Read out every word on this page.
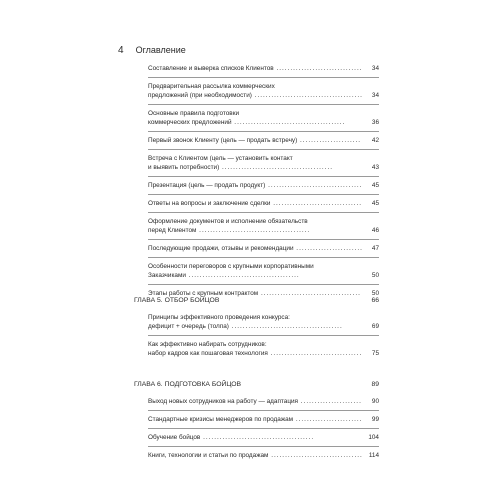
4 Оглавление
Составление и выверка списков Клиентов ............................... 34
Предварительная рассылка коммерческих
предложений (при необходимости) ....................................... 34
Основные правила подготовки
коммерческих предложений ........................................	36
Первый звонок Клиенту (цель — продать встречу) ...................... 42
Встреча с Клиентом (цель — установить контакт
и выявить потребности) ........................................	43
Презентация (цель — продать продукт) .................................. 45
Ответы на вопросы и заключение сделки ................................ 45
Оформление документов и исполнение обязательств
перед Клиентом ........................................	46
Последующие продажи, отзывы и рекомендации ........................ 47
Особенности переговоров с крупными корпоративными
Заказчиками ........................................	50
Этапы работы с крупным контрактом .................................... 50
ГЛАВА 5. ОТБОР БОЙЦОВ	66
Принципы эффективного проведения конкурса:
дефицит + очередь (толпа) ........................................	69
Как эффективно набирать сотрудников:
набор кадров как пошаговая технология ................................. 75
ГЛАВА 6. ПОДГОТОВКА БОЙЦОВ	89
Выход новых сотрудников на работу — адаптация ...................... 90
Стандартные кризисы менеджеров по продажам ........................ 99
Обучение бойцов ........................................	104
Книги, технологии и статьи по продажам ................................. 114
